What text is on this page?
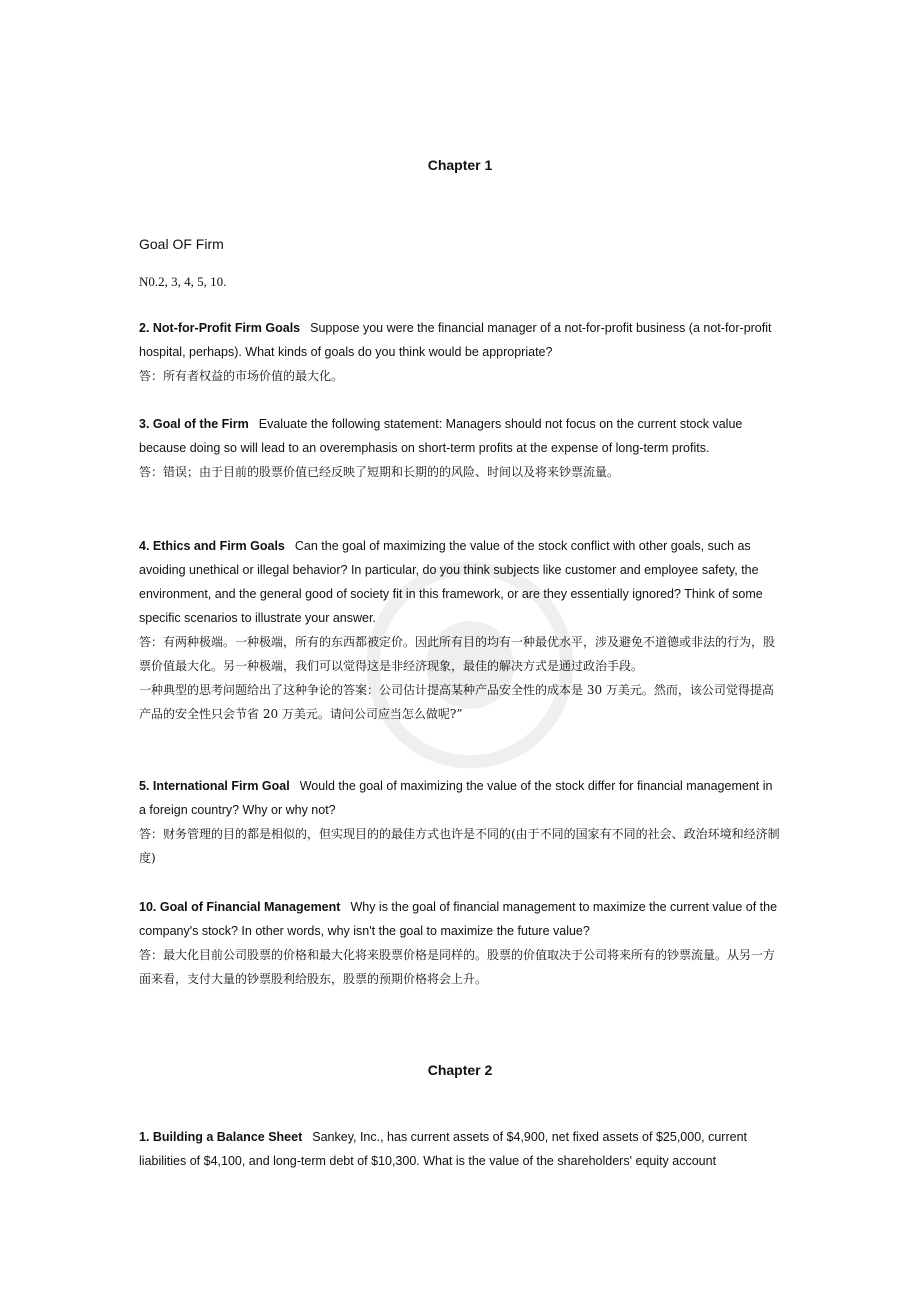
Chapter 1
Goal OF Firm
N0.2, 3, 4, 5, 10.
2. Not-for-Profit Firm Goals Suppose you were the financial manager of a not-for-profit business (a not-for-profit hospital, perhaps). What kinds of goals do you think would be appropriate?
答：所有者权益的市场价值的最大化。
3. Goal of the Firm Evaluate the following statement: Managers should not focus on the current stock value because doing so will lead to an overemphasis on short-term profits at the expense of long-term profits.
答：错误；由于目前的股票价值已经反映了短期和长期的的风险、时间以及将来钞票流量。
4. Ethics and Firm Goals Can the goal of maximizing the value of the stock conflict with other goals, such as avoiding unethical or illegal behavior? In particular, do you think subjects like customer and employee safety, the environment, and the general good of society fit in this framework, or are they essentially ignored? Think of some specific scenarios to illustrate your answer.
答：有两种极端。一种极端，所有的东西都被定价。因此所有目的均有一种最优水平，涉及避免不道德或非法的行为，股票价值最大化。另一种极端，我们可以觉得这是非经济现象，最佳的解决方式是通过政治手段。
一种典型的思考问题给出了这种争论的答案：公司估计提高某种产品安全性的成本是 30 万美元。然而，该公司觉得提高产品的安全性只会节省 20 万美元。请问公司应当怎么做呢?”
5. International Firm Goal Would the goal of maximizing the value of the stock differ for financial management in a foreign country? Why or why not?
答：财务管理的目的都是相似的，但实现目的的最佳方式也许是不同的(由于不同的国家有不同的社会、政治环境和经济制度)
10. Goal of Financial Management Why is the goal of financial management to maximize the current value of the company's stock? In other words, why isn't the goal to maximize the future value?
答：最大化目前公司股票的价格和最大化将来股票价格是同样的。股票的价值取决于公司将来所有的钞票流量。从另一方面来看，支付大量的钞票股利给股东，股票的预期价格将会上升。
Chapter 2
1. Building a Balance Sheet Sankey, Inc., has current assets of $4,900, net fixed assets of $25,000, current liabilities of $4,100, and long-term debt of $10,300. What is the value of the shareholders' equity account
